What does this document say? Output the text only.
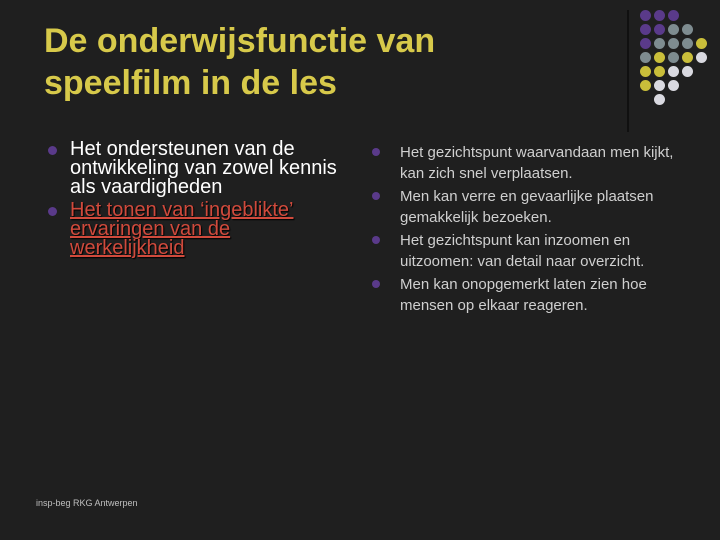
De onderwijsfunctie van
speelfilm in de les
Het ondersteunen van de ontwikkeling van zowel kennis als vaardigheden
Het tonen van ‘ingeblikte’ ervaringen van de werkelijkheid
Het gezichtspunt waarvandaan men kijkt, kan zich snel verplaatsen.
Men kan verre en gevaarlijke plaatsen gemakkelijk bezoeken.
Het gezichtspunt kan inzoomen en uitzoomen: van detail naar overzicht.
Men kan onopgemerkt laten zien hoe mensen op elkaar reageren.
insp-beg RKG Antwerpen
